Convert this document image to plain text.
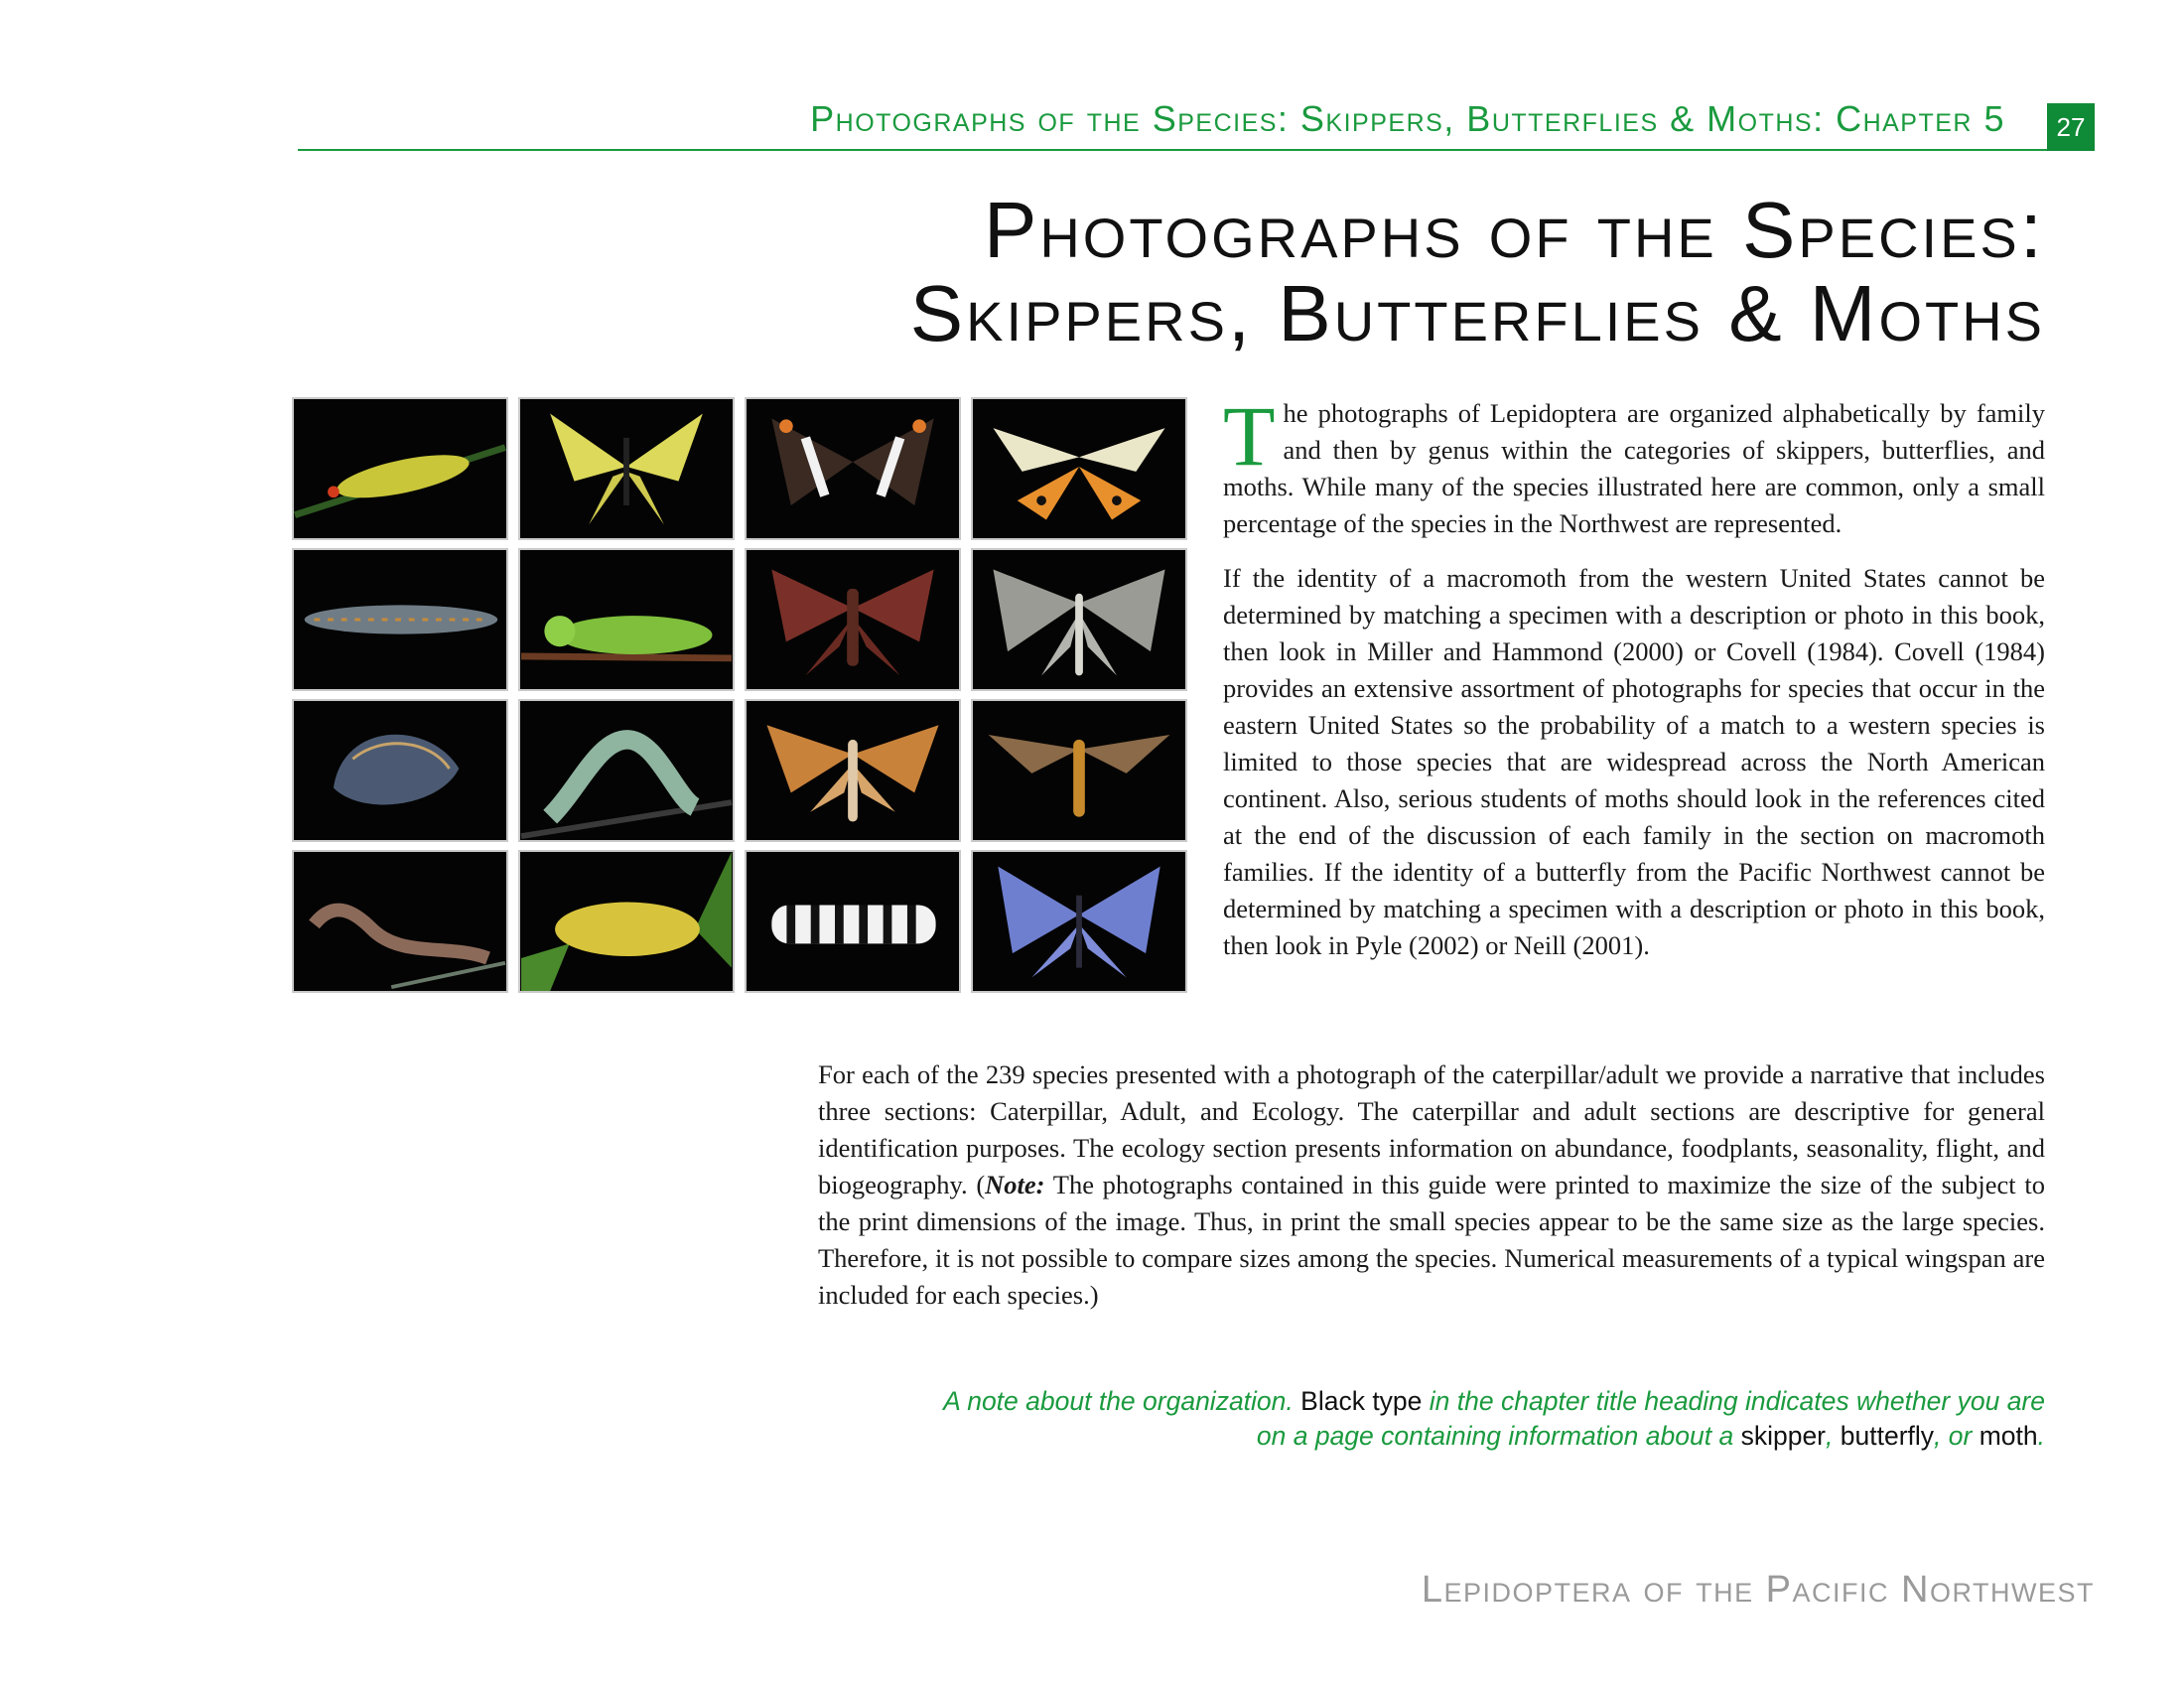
Photographs of the Species: Skippers, Butterflies & Moths: Chapter 5	27
Photographs of the Species:
Skippers, Butterflies & Moths

The photographs of Lepidoptera are organized alphabetically by family and then by genus within the categories of skippers, butterflies, and moths. While many of the species illustrated here are common, only a small percentage of the species in the Northwest are represented.

If the identity of a macromoth from the western United States cannot be determined by matching a specimen with a description or photo in this book, then look in Miller and Hammond (2000) or Covell (1984). Covell (1984) provides an extensive assortment of photographs for species that occur in the eastern United States so the probability of a match to a western species is limited to those species that are widespread across the North American continent. Also, serious students of moths should look in the references cited at the end of the discussion of each family in the section on macromoth families. If the identity of a butterfly from the Pacific Northwest cannot be determined by matching a specimen with a description or photo in this book, then look in Pyle (2002) or Neill (2001).

For each of the 239 species presented with a photograph of the caterpillar/adult we provide a narrative that includes three sections: Caterpillar, Adult, and Ecology. The caterpillar and adult sections are descriptive for general identification purposes. The ecology section presents information on abundance, foodplants, seasonality, flight, and biogeography. (Note: The photographs contained in this guide were printed to maximize the size of the subject to the print dimensions of the image. Thus, in print the small species appear to be the same size as the large species. Therefore, it is not possible to compare sizes among the species. Numerical measurements of a typical wingspan are included for each species.)

A note about the organization. Black type in the chapter title heading indicates whether you are on a page containing information about a skipper, butterfly, or moth.

Lepidoptera of the Pacific Northwest
